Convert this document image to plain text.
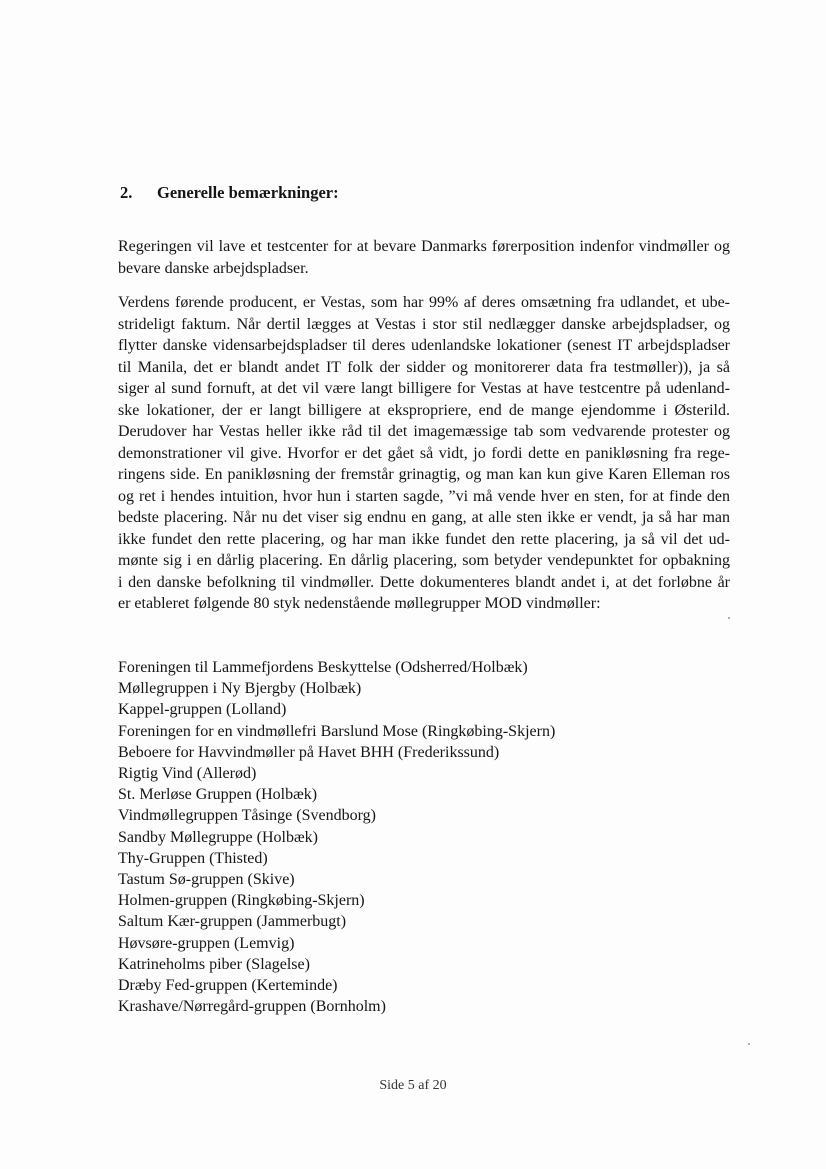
2. Generelle bemærkninger:

Regeringen vil lave et testcenter for at bevare Danmarks førerposition indenfor vindmøller og
bevare danske arbejdspladser.

Verdens førende producent, er Vestas, som har 99% af deres omsætning fra udlandet, et ube-
strideligt faktum. Når dertil lægges at Vestas i stor stil nedlægger danske arbejdspladser, og
flytter danske vidensarbejdspladser til deres udenlandske lokationer (senest IT arbejdspladser
til Manila, det er blandt andet IT folk der sidder og monitorerer data fra testmøller)), ja så
siger al sund fornuft, at det vil være langt billigere for Vestas at have testcentre på udenland-
ske lokationer, der er langt billigere at ekspropriere, end de mange ejendomme i Østerild.
Derudover har Vestas heller ikke råd til det imagemæssige tab som vedvarende protester og
demonstrationer vil give. Hvorfor er det gået så vidt, jo fordi dette en panikløsning fra rege-
ringens side. En panikløsning der fremstår grinagtig, og man kan kun give Karen Elleman ros
og ret i hendes intuition, hvor hun i starten sagde, ”vi må vende hver en sten, for at finde den
bedste placering. Når nu det viser sig endnu en gang, at alle sten ikke er vendt, ja så har man
ikke fundet den rette placering, og har man ikke fundet den rette placering, ja så vil det ud-
mønte sig i en dårlig placering. En dårlig placering, som betyder vendepunktet for opbakning
i den danske befolkning til vindmøller. Dette dokumenteres blandt andet i, at det forløbne år
er etableret følgende 80 styk nedenstående møllegrupper MOD vindmøller:

Foreningen til Lammefjordens Beskyttelse (Odsherred/Holbæk)
Møllegruppen i Ny Bjergby (Holbæk)
Kappel-gruppen (Lolland)
Foreningen for en vindmøllefri Barslund Mose (Ringkøbing-Skjern)
Beboere for Havvindmøller på Havet BHH (Frederikssund)
Rigtig Vind (Allerød)
St. Merløse Gruppen (Holbæk)
Vindmøllegruppen Tåsinge (Svendborg)
Sandby Møllegruppe (Holbæk)
Thy-Gruppen (Thisted)
Tastum Sø-gruppen (Skive)
Holmen-gruppen (Ringkøbing-Skjern)
Saltum Kær-gruppen (Jammerbugt)
Høvsøre-gruppen (Lemvig)
Katrineholms piber (Slagelse)
Dræby Fed-gruppen (Kerteminde)
Krashave/Nørregård-gruppen (Bornholm)
Side 5 af 20
